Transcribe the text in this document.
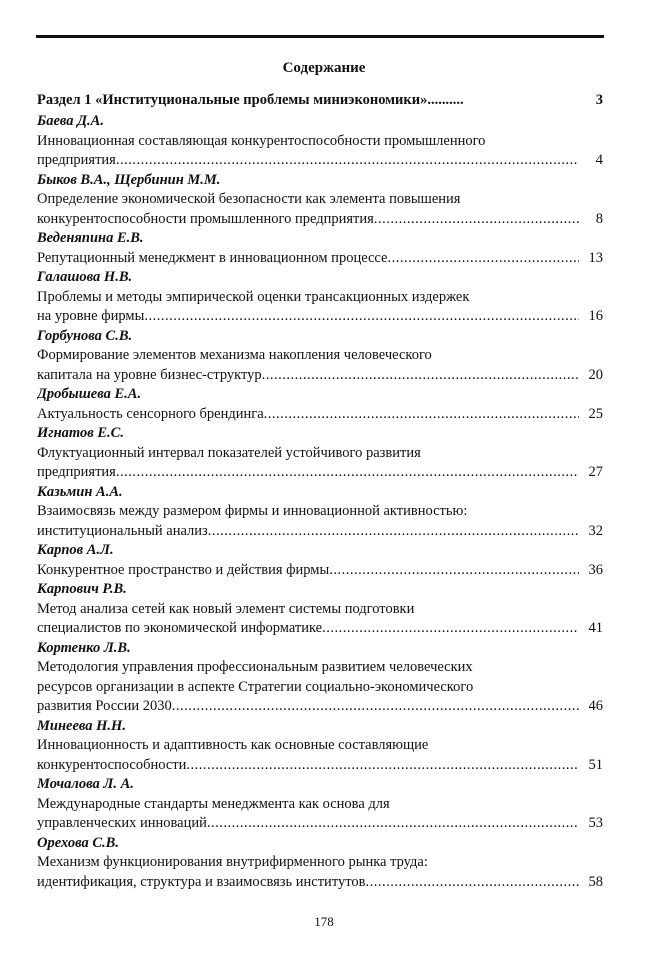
Содержание
Раздел 1 «Институциональные проблемы миниэкономики»..........	3
Баева Д.А.
Инновационная составляющая конкурентоспособности промышленного
предприятия .....	4
Быков В.А., Щербинин М.М.
Определение экономической безопасности как элемента повышения
конкурентоспособности промышленного предприятия .....	8
Веденяпина Е.В.
Репутационный менеджмент в инновационном процессе .....	13
Галашова Н.В.
Проблемы и методы эмпирической оценки трансакционных издержек
на уровне фирмы .....	16
Горбунова С.В.
Формирование элементов механизма накопления человеческого
капитала на уровне бизнес-структур .....	20
Дробышева Е.А.
Актуальность сенсорного брендинга .....	25
Игнатов Е.С.
Флуктуационный интервал показателей устойчивого развития
предприятия .....	27
Казьмин А.А.
Взаимосвязь между размером фирмы и инновационной активностью:
институциональный анализ .....	32
Карпов А.Л.
Конкурентное пространство и действия фирмы .....	36
Карпович Р.В.
Метод анализа сетей как новый элемент системы подготовки
специалистов по экономической информатике .....	41
Кортенко Л.В.
Методология управления профессиональным развитием человеческих
ресурсов организации в аспекте Стратегии социально-экономического
развития России 2030 .....	46
Минеева Н.Н.
Инновационность и адаптивность как основные составляющие
конкурентоспособности .....	51
Мочалова Л. А.
Международные стандарты менеджмента как основа для
управленческих инноваций .....	53
Орехова С.В.
Механизм функционирования внутрифирменного рынка труда:
идентификация, структура и взаимосвязь институтов .....	58
178
